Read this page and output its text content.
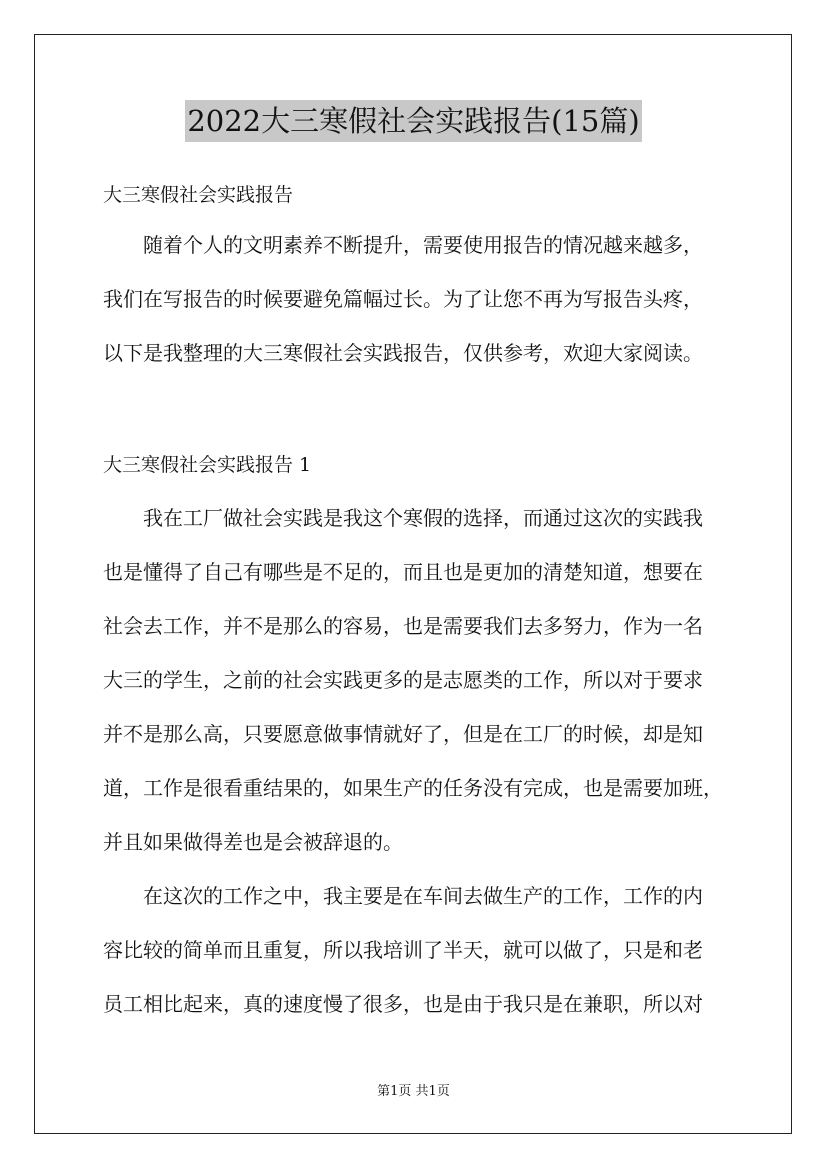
2022大三寒假社会实践报告(15篇)
大三寒假社会实践报告
随着个人的文明素养不断提升，需要使用报告的情况越来越多，
我们在写报告的时候要避免篇幅过长。为了让您不再为写报告头疼，
以下是我整理的大三寒假社会实践报告，仅供参考，欢迎大家阅读。
大三寒假社会实践报告 1
我在工厂做社会实践是我这个寒假的选择，而通过这次的实践我
也是懂得了自己有哪些是不足的，而且也是更加的清楚知道，想要在
社会去工作，并不是那么的容易，也是需要我们去多努力，作为一名
大三的学生，之前的社会实践更多的是志愿类的工作，所以对于要求
并不是那么高，只要愿意做事情就好了，但是在工厂的时候，却是知
道，工作是很看重结果的，如果生产的任务没有完成，也是需要加班，
并且如果做得差也是会被辞退的。
在这次的工作之中，我主要是在车间去做生产的工作，工作的内
容比较的简单而且重复，所以我培训了半天，就可以做了，只是和老
员工相比起来，真的速度慢了很多，也是由于我只是在兼职，所以对
第1页 共1页
